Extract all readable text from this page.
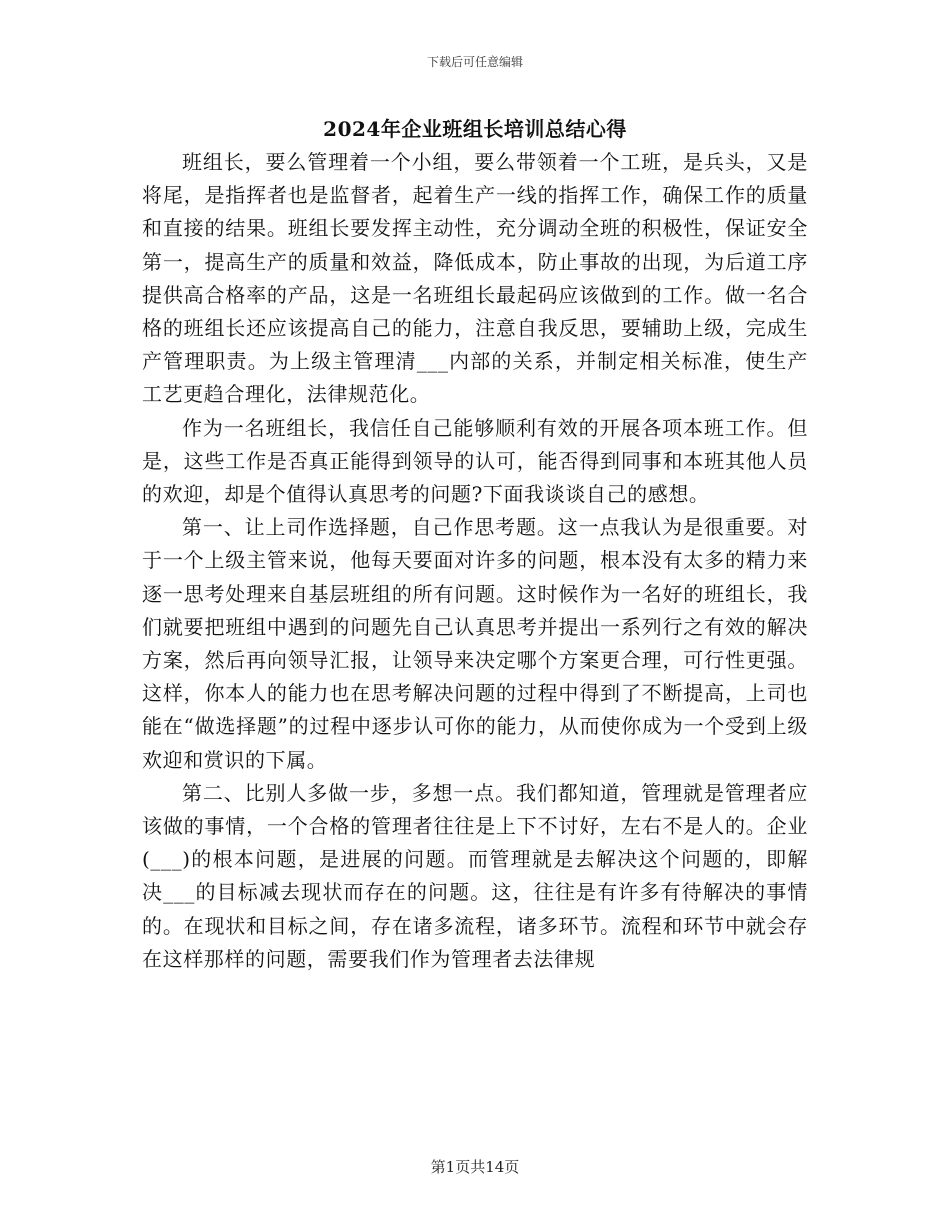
下载后可任意编辑
2024年企业班组长培训总结心得

班组长，要么管理着一个小组，要么带领着一个工班，是兵头，又是将尾，是指挥者也是监督者，起着生产一线的指挥工作，确保工作的质量和直接的结果。班组长要发挥主动性，充分调动全班的积极性，保证安全第一，提高生产的质量和效益，降低成本，防止事故的出现，为后道工序提供高合格率的产品，这是一名班组长最起码应该做到的工作。做一名合格的班组长还应该提高自己的能力，注意自我反思，要辅助上级，完成生产管理职责。为上级主管理清___内部的关系，并制定相关标准，使生产工艺更趋合理化，法律规范化。

作为一名班组长，我信任自己能够顺利有效的开展各项本班工作。但是，这些工作是否真正能得到领导的认可，能否得到同事和本班其他人员的欢迎，却是个值得认真思考的问题?下面我谈谈自己的感想。

第一、让上司作选择题，自己作思考题。这一点我认为是很重要。对于一个上级主管来说，他每天要面对许多的问题，根本没有太多的精力来逐一思考处理来自基层班组的所有问题。这时候作为一名好的班组长，我们就要把班组中遇到的问题先自己认真思考并提出一系列行之有效的解决方案，然后再向领导汇报，让领导来决定哪个方案更合理，可行性更强。这样，你本人的能力也在思考解决问题的过程中得到了不断提高，上司也能在“做选择题”的过程中逐步认可你的能力，从而使你成为一个受到上级欢迎和赏识的下属。

第二、比别人多做一步，多想一点。我们都知道，管理就是管理者应该做的事情，一个合格的管理者往往是上下不讨好，左右不是人的。企业(___)的根本问题，是进展的问题。而管理就是去解决这个问题的，即解决___的目标减去现状而存在的问题。这，往往是有许多有待解决的事情的。在现状和目标之间，存在诸多流程，诸多环节。流程和环节中就会存在这样那样的问题，需要我们作为管理者去法律规

第1页共14页
